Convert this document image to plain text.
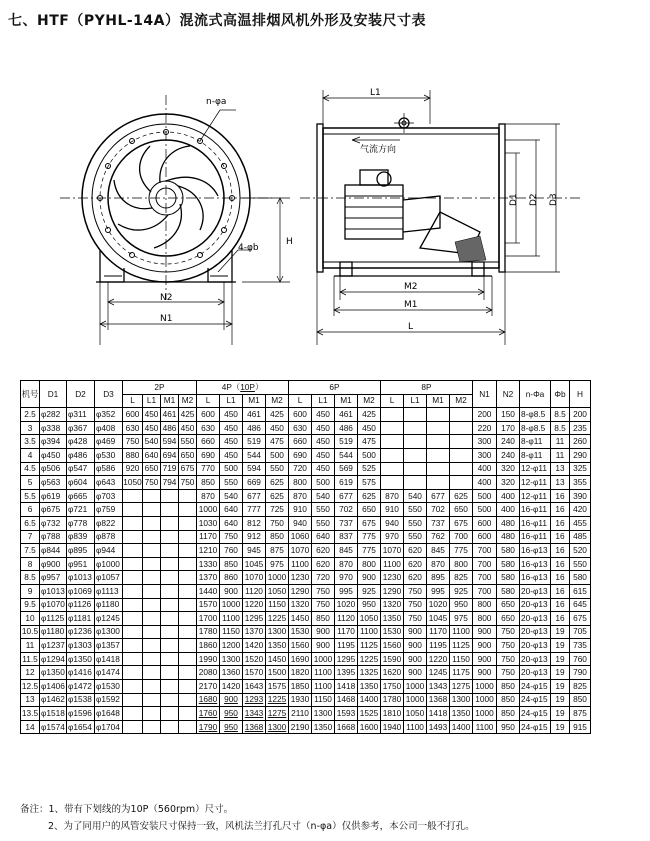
七、HTF（PYHL-14A）混流式高温排烟风机外形及安装尺寸表
n-φa
4-φb
H
N2
N1
L1
气流方向
D1 D2 D3
M2
M1
L
机号	D1	D2	D3	2P				4P（10P）				6P				8P				N1	N2	n-Φa	Φb	H
				L	L1	M1	M2	L	L1	M1	M2	L	L1	M1	M2	L	L1	M1	M2					
2.5	φ282	φ311	φ352	600	450	461	425	600	450	461	425	600	450	461	425					200	150	8-φ8.5	8.5	200
3	φ338	φ367	φ408	630	450	486	450	630	450	486	450	630	450	486	450					220	170	8-φ8.5	8.5	235
3.5	φ394	φ428	φ469	750	540	594	550	660	450	519	475	660	450	519	475					300	240	8-φ11	11	260
4	φ450	φ486	φ530	880	640	694	650	690	450	544	500	690	450	544	500					300	240	8-φ11	11	290
4.5	φ506	φ547	φ586	920	650	719	675	770	500	594	550	720	450	569	525					400	320	12-φ11	13	325
5	φ563	φ604	φ643	1050	750	794	750	850	550	669	625	800	500	619	575					400	320	12-φ11	13	355
5.5	φ619	φ665	φ703					870	540	677	625	870	540	677	625	870	540	677	625	500	400	12-φ11	16	390
6	φ675	φ721	φ759					1000	640	777	725	910	550	702	650	910	550	702	650	500	400	16-φ11	16	420
6.5	φ732	φ778	φ822					1030	640	812	750	940	550	737	675	940	550	737	675	600	480	16-φ11	16	455
7	φ788	φ839	φ878					1170	750	912	850	1060	640	837	775	970	550	762	700	600	480	16-φ11	16	485
7.5	φ844	φ895	φ944					1210	760	945	875	1070	620	845	775	1070	620	845	775	700	580	16-φ13	16	520
8	φ900	φ951	φ1000					1330	850	1045	975	1100	620	870	800	1100	620	870	800	700	580	16-φ13	16	550
8.5	φ957	φ1013	φ1057					1370	860	1070	1000	1230	720	970	900	1230	620	895	825	700	580	16-φ13	16	580
9	φ1013	φ1069	φ1113					1440	900	1120	1050	1290	750	995	925	1290	750	995	925	700	580	20-φ13	16	615
9.5	φ1070	φ1126	φ1180					1570	1000	1220	1150	1320	750	1020	950	1320	750	1020	950	800	650	20-φ13	16	645
10	φ1125	φ1181	φ1245					1700	1100	1295	1225	1450	850	1120	1050	1350	750	1045	975	800	650	20-φ13	16	675
10.5	φ1180	φ1236	φ1300					1780	1150	1370	1300	1530	900	1170	1100	1530	900	1170	1100	900	750	20-φ13	19	705
11	φ1237	φ1303	φ1357					1860	1200	1420	1350	1560	900	1195	1125	1560	900	1195	1125	900	750	20-φ13	19	735
11.5	φ1294	φ1350	φ1418					1990	1300	1520	1450	1690	1000	1295	1225	1590	900	1220	1150	900	750	20-φ13	19	760
12	φ1350	φ1416	φ1474					2080	1360	1570	1500	1820	1100	1395	1325	1620	900	1245	1175	900	750	20-φ13	19	790
12.5	φ1406	φ1472	φ1530					2170	1420	1643	1575	1850	1100	1418	1350	1750	1000	1343	1275	1000	850	24-φ15	19	825
13	φ1462	φ1538	φ1592					1680	900	1293	1225	1930	1150	1468	1400	1780	1000	1368	1300	1000	850	24-φ15	19	850
13.5	φ1518	φ1596	φ1648					1760	950	1343	1275	2110	1300	1593	1525	1810	1050	1418	1350	1000	850	24-φ15	19	875
14	φ1574	φ1654	φ1704					1790	950	1368	1300	2190	1350	1668	1600	1940	1100	1493	1400	1100	950	24-φ15	19	915
备注：1、带有下划线的为10P（560rpm）尺寸。
2、为了同用户的风管安装尺寸保持一致，风机法兰打孔尺寸（n-φa）仅供参考，本公司一般不打孔。
